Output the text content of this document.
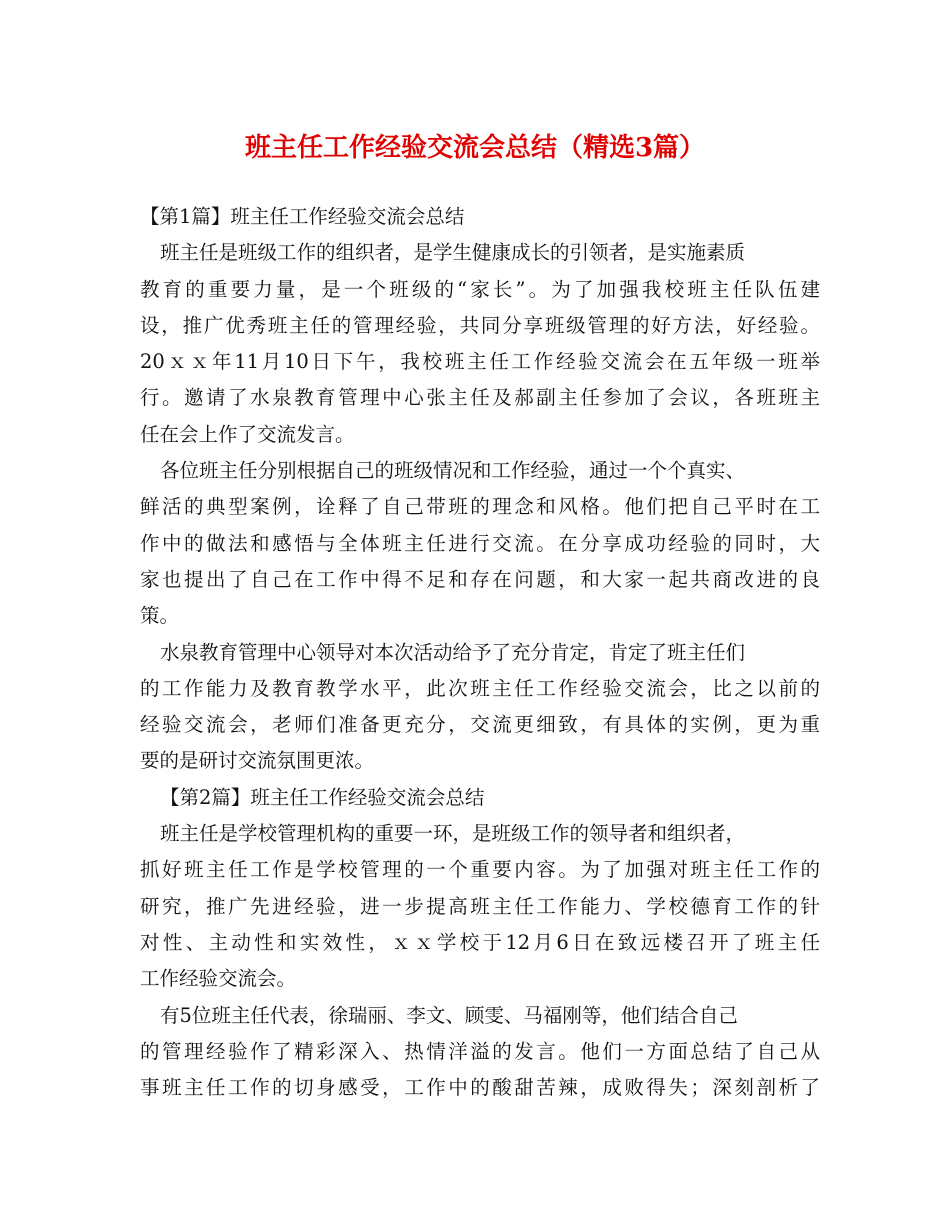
班主任工作经验交流会总结（精选3篇）
【第1篇】班主任工作经验交流会总结
班主任是班级工作的组织者，是学生健康成长的引领者，是实施素质
教育的重要力量，是一个班级的“家长”。为了加强我校班主任队伍建
设，推广优秀班主任的管理经验，共同分享班级管理的好方法，好经验。
20ｘｘ年11月10日下午，我校班主任工作经验交流会在五年级一班举
行。邀请了水泉教育管理中心张主任及郝副主任参加了会议，各班班主
任在会上作了交流发言。
各位班主任分别根据自己的班级情况和工作经验，通过一个个真实、
鲜活的典型案例，诠释了自己带班的理念和风格。他们把自己平时在工
作中的做法和感悟与全体班主任进行交流。在分享成功经验的同时，大
家也提出了自己在工作中得不足和存在问题，和大家一起共商改进的良
策。
水泉教育管理中心领导对本次活动给予了充分肯定，肯定了班主任们
的工作能力及教育教学水平，此次班主任工作经验交流会，比之以前的
经验交流会，老师们准备更充分，交流更细致，有具体的实例，更为重
要的是研讨交流氛围更浓。
【第2篇】班主任工作经验交流会总结
班主任是学校管理机构的重要一环，是班级工作的领导者和组织者，
抓好班主任工作是学校管理的一个重要内容。为了加强对班主任工作的
研究，推广先进经验，进一步提高班主任工作能力、学校德育工作的针
对性、主动性和实效性，ｘｘ学校于12月6日在致远楼召开了班主任
工作经验交流会。
有5位班主任代表，徐瑞丽、李文、顾雯、马福刚等，他们结合自己
的管理经验作了精彩深入、热情洋溢的发言。他们一方面总结了自己从
事班主任工作的切身感受，工作中的酸甜苦辣，成败得失；深刻剖析了
